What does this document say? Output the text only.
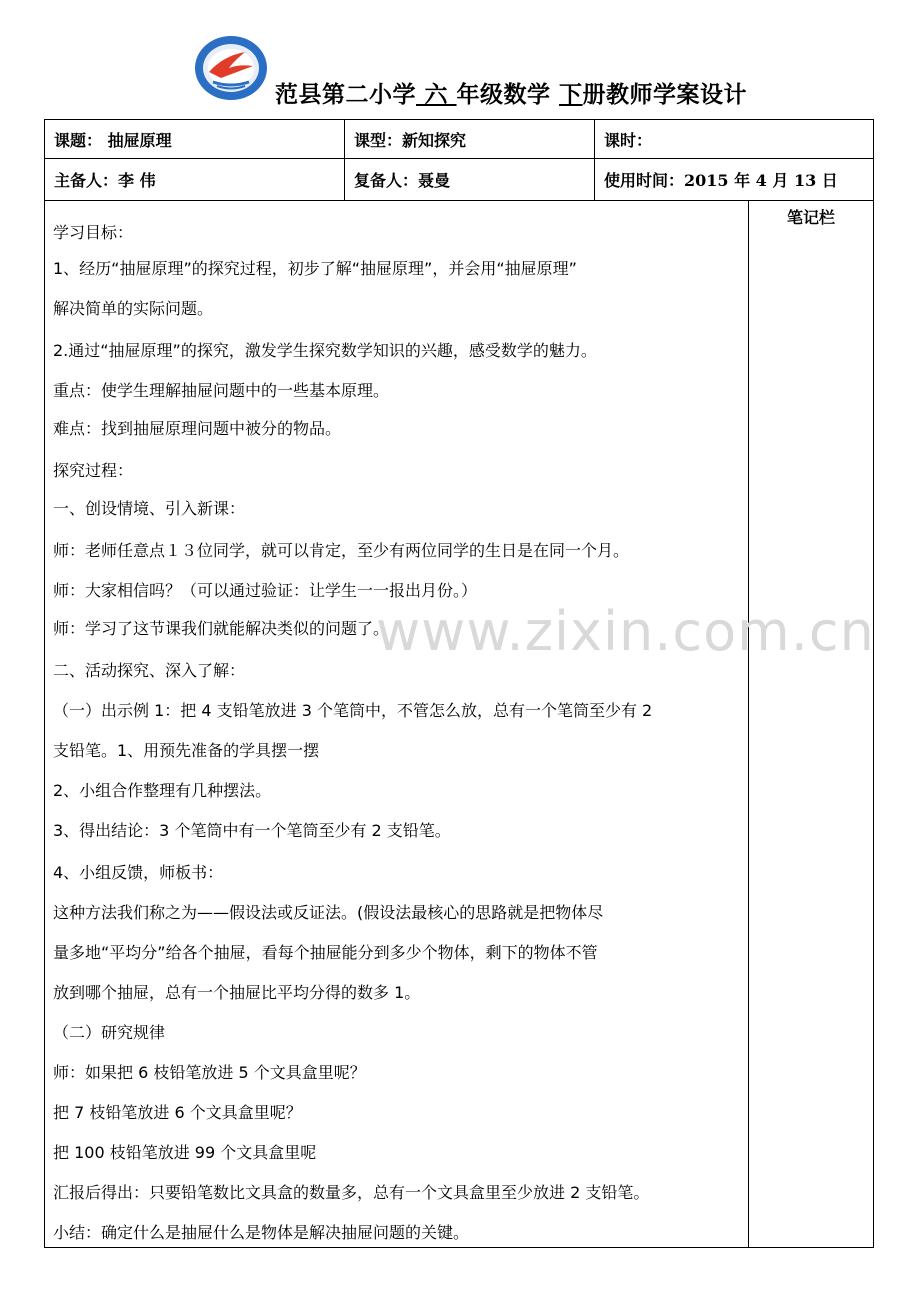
范县第二小学 六 年级数学 下册教师学案设计
课题： 抽屉原理	课型：新知探究	课时：
主备人：李 伟	复备人：聂曼	使用时间：2015 年 4 月 13 日
学习目标：
1、经历“抽屉原理”的探究过程，初步了解“抽屉原理”，并会用“抽屉原理”
解决简单的实际问题。
2.通过“抽屉原理”的探究，激发学生探究数学知识的兴趣，感受数学的魅力。
重点：使学生理解抽屉问题中的一些基本原理。
难点：找到抽屉原理问题中被分的物品。
探究过程：
一、创设情境、引入新课：
师：老师任意点１３位同学，就可以肯定，至少有两位同学的生日是在同一个月。
师：大家相信吗？（可以通过验证：让学生一一报出月份。）
师：学习了这节课我们就能解决类似的问题了。
二、活动探究、深入了解：
（一）出示例 1：把 4 支铅笔放进 3 个笔筒中，不管怎么放，总有一个笔筒至少有 2
支铅笔。1、用预先准备的学具摆一摆
2、小组合作整理有几种摆法。
3、得出结论：3 个笔筒中有一个笔筒至少有 2 支铅笔。
4、小组反馈，师板书：
这种方法我们称之为——假设法或反证法。(假设法最核心的思路就是把物体尽
量多地“平均分”给各个抽屉，看每个抽屉能分到多少个物体，剩下的物体不管
放到哪个抽屉，总有一个抽屉比平均分得的数多 1。
（二）研究规律
师：如果把 6 枝铅笔放进 5 个文具盒里呢？
把 7 枝铅笔放进 6 个文具盒里呢？
把 100 枝铅笔放进 99 个文具盒里呢
汇报后得出：只要铅笔数比文具盒的数量多，总有一个文具盒里至少放进 2 支铅笔。
小结：确定什么是抽屉什么是物体是解决抽屉问题的关键。
笔记栏
www.zixin.com.cn
